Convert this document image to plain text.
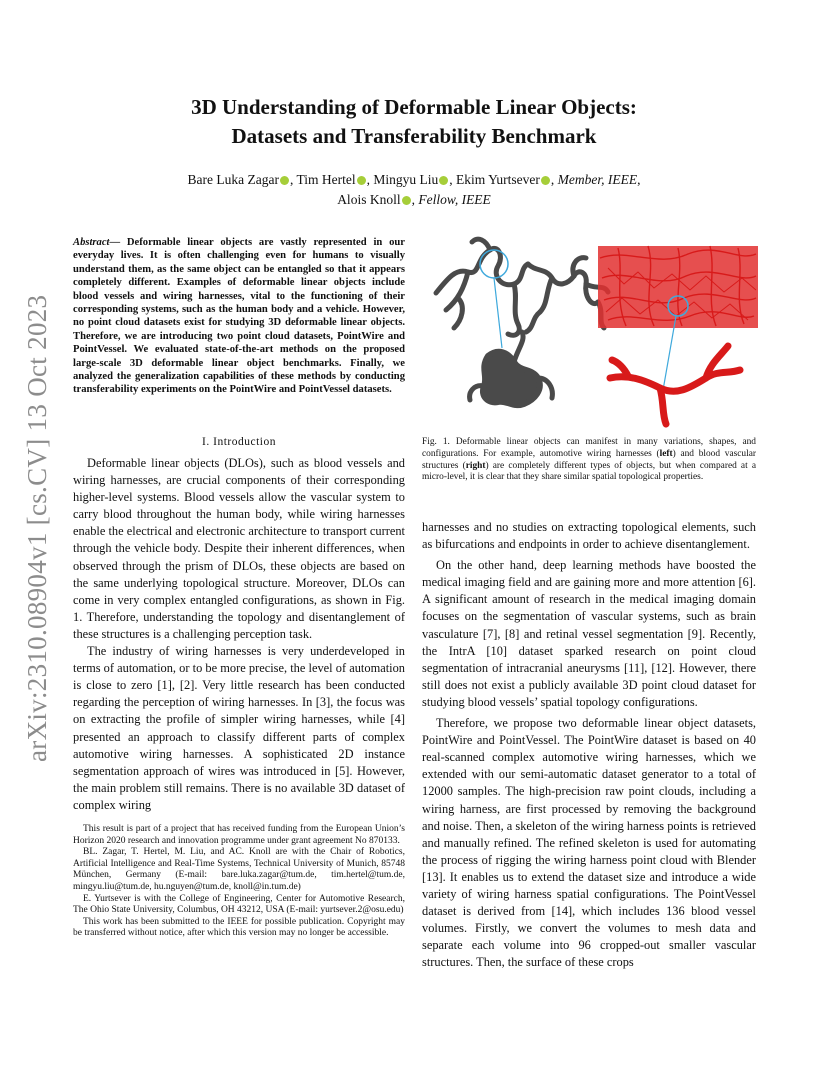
arXiv:2310.08904v1 [cs.CV] 13 Oct 2023
3D Understanding of Deformable Linear Objects:
Datasets and Transferability Benchmark
Bare Luka Zagar , Tim Hertel , Mingyu Liu , Ekim Yurtsever , Member, IEEE,
Alois Knoll , Fellow, IEEE
Abstract— Deformable linear objects are vastly represented in our everyday lives. It is often challenging even for humans to visually understand them, as the same object can be entangled so that it appears completely different. Examples of deformable linear objects include blood vessels and wiring harnesses, vital to the functioning of their corresponding systems, such as the human body and a vehicle. However, no point cloud datasets exist for studying 3D deformable linear objects. Therefore, we are introducing two point cloud datasets, PointWire and PointVessel. We evaluated state-of-the-art methods on the proposed large-scale 3D deformable linear object benchmarks. Finally, we analyzed the generalization capabilities of these methods by conducting transferability experiments on the PointWire and PointVessel datasets.
I. Introduction

Deformable linear objects (DLOs), such as blood vessels and wiring harnesses, are crucial components of their corresponding higher-level systems. Blood vessels allow the vascular system to carry blood throughout the human body, while wiring harnesses enable the electrical and electronic architecture to transport current through the vehicle body. Despite their inherent differences, when observed through the prism of DLOs, these objects are based on the same underlying topological structure. Moreover, DLOs can come in very complex entangled configurations, as shown in Fig. 1. Therefore, understanding the topology and disentanglement of these structures is a challenging perception task.

The industry of wiring harnesses is very underdeveloped in terms of automation, or to be more precise, the level of automation is close to zero [1], [2]. Very little research has been conducted regarding the perception of wiring harnesses. In [3], the focus was on extracting the profile of simpler wiring harnesses, while [4] presented an approach to classify different parts of complex automotive wiring harnesses. A sophisticated 2D instance segmentation approach of wires was introduced in [5]. However, the main problem still remains. There is no available 3D dataset of complex wiring

This result is part of a project that has received funding from the European Union’s Horizon 2020 research and innovation programme under grant agreement No 870133.

BL. Zagar, T. Hertel, M. Liu, and AC. Knoll are with the Chair of Robotics, Artificial Intelligence and Real-Time Systems, Technical University of Munich, 85748 München, Germany (E-mail: bare.luka.zagar@tum.de, tim.hertel@tum.de, mingyu.liu@tum.de, hu.nguyen@tum.de, knoll@in.tum.de)

E. Yurtsever is with the College of Engineering, Center for Automotive Research, The Ohio State University, Columbus, OH 43212, USA (E-mail: yurtsever.2@osu.edu)

This work has been submitted to the IEEE for possible publication. Copyright may be transferred without notice, after which this version may no longer be accessible.

Fig. 1. Deformable linear objects can manifest in many variations, shapes, and configurations. For example, automotive wiring harnesses (left) and blood vascular structures (right) are completely different types of objects, but when compared at a micro-level, it is clear that they share similar spatial topological properties.

harnesses and no studies on extracting topological elements, such as bifurcations and endpoints in order to achieve disentanglement.

On the other hand, deep learning methods have boosted the medical imaging field and are gaining more and more attention [6]. A significant amount of research in the medical imaging domain focuses on the segmentation of vascular systems, such as brain vasculature [7], [8] and retinal vessel segmentation [9]. Recently, the IntrA [10] dataset sparked research on point cloud segmentation of intracranial aneurysms [11], [12]. However, there still does not exist a publicly available 3D point cloud dataset for studying blood vessels’ spatial topology configurations.

Therefore, we propose two deformable linear object datasets, PointWire and PointVessel. The PointWire dataset is based on 40 real-scanned complex automotive wiring harnesses, which we extended with our semi-automatic dataset generator to a total of 12000 samples. The high-precision raw point clouds, including a wiring harness, are first processed by removing the background and noise. Then, a skeleton of the wiring harness points is retrieved and manually refined. The refined skeleton is used for automating the process of rigging the wiring harness point cloud with Blender [13]. It enables us to extend the dataset size and introduce a wide variety of wiring harness spatial configurations. The PointVessel dataset is derived from [14], which includes 136 blood vessel volumes. Firstly, we convert the volumes to mesh data and separate each volume into 96 cropped-out smaller vascular structures. Then, the surface of these crops
